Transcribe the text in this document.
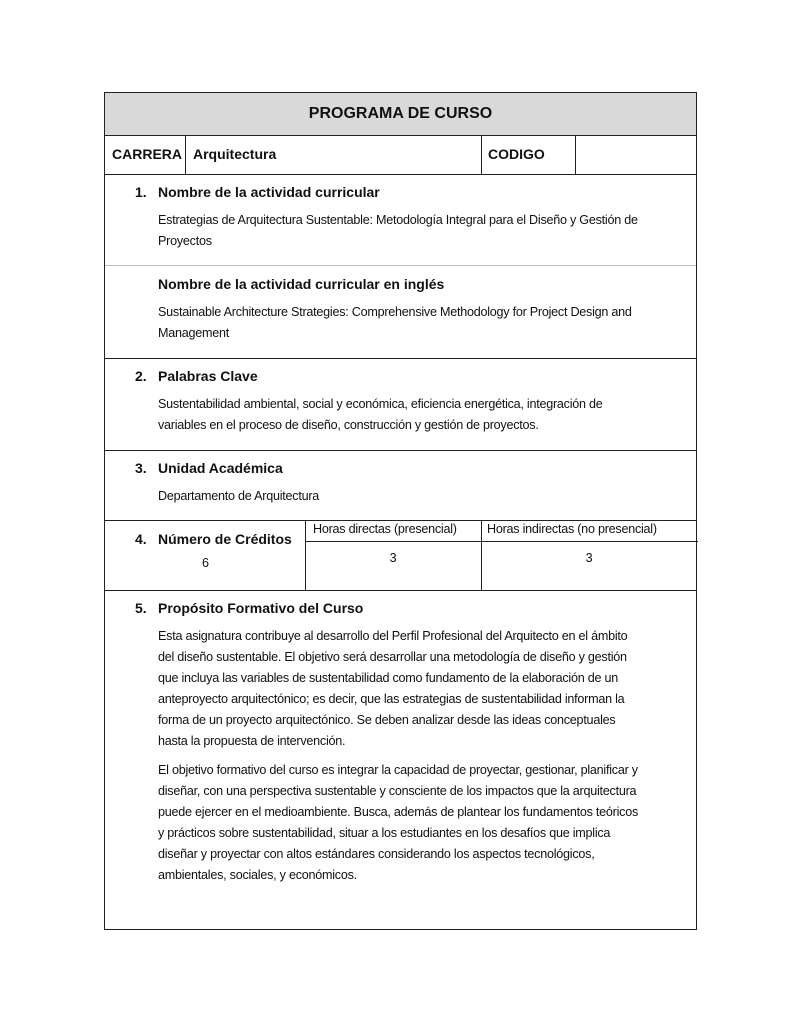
PROGRAMA DE CURSO
CARRERA Arquitectura	CODIGO
1. Nombre de la actividad curricular
Estrategias de Arquitectura Sustentable: Metodología Integral para el Diseño y Gestión de
Proyectos
Nombre de la actividad curricular en inglés
Sustainable Architecture Strategies: Comprehensive Methodology for Project Design and
Management
2. Palabras Clave
Sustentabilidad ambiental, social y económica, eficiencia energética, integración de
variables en el proceso de diseño, construcción y gestión de proyectos.
3. Unidad Académica
Departamento de Arquitectura
4. Número de Créditos
6
Horas directas (presencial)
3
Horas indirectas (no presencial)
3
5. Propósito Formativo del Curso
Esta asignatura contribuye al desarrollo del Perfil Profesional del Arquitecto en el ámbito
del diseño sustentable. El objetivo será desarrollar una metodología de diseño y gestión
que incluya las variables de sustentabilidad como fundamento de la elaboración de un
anteproyecto arquitectónico; es decir, que las estrategias de sustentabilidad informan la
forma de un proyecto arquitectónico. Se deben analizar desde las ideas conceptuales
hasta la propuesta de intervención.
El objetivo formativo del curso es integrar la capacidad de proyectar, gestionar, planificar y
diseñar, con una perspectiva sustentable y consciente de los impactos que la arquitectura
puede ejercer en el medioambiente. Busca, además de plantear los fundamentos teóricos
y prácticos sobre sustentabilidad, situar a los estudiantes en los desafíos que implica
diseñar y proyectar con altos estándares considerando los aspectos tecnológicos,
ambientales, sociales, y económicos.
